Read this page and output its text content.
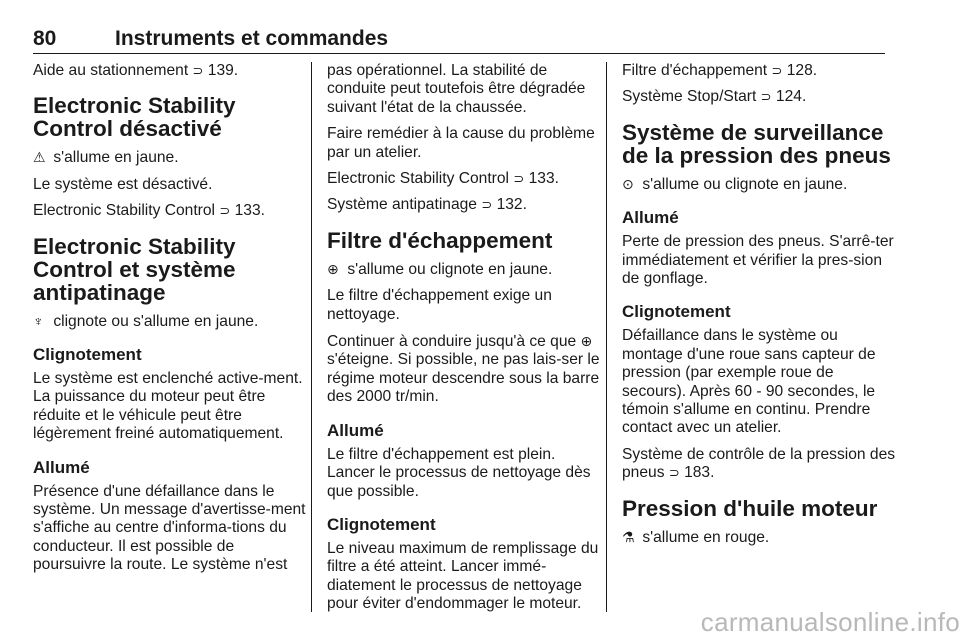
80	Instruments et commandes

Aide au stationnement ⊃ 139.

Electronic Stability Control désactivé

⚠ s'allume en jaune.

Le système est désactivé.

Electronic Stability Control ⊃ 133.

Electronic Stability Control et système antipatinage

♆ clignote ou s'allume en jaune.

Clignotement

Le système est enclenché active-ment. La puissance du moteur peut être réduite et le véhicule peut être légèrement freiné automatiquement.

Allumé

Présence d'une défaillance dans le système. Un message d'avertisse-ment s'affiche au centre d'informa-tions du conducteur. Il est possible de poursuivre la route. Le système n'est

pas opérationnel. La stabilité de conduite peut toutefois être dégradée suivant l'état de la chaussée.

Faire remédier à la cause du problème par un atelier.

Electronic Stability Control ⊃ 133.

Système antipatinage ⊃ 132.

Filtre d'échappement

⊕ s'allume ou clignote en jaune.

Le filtre d'échappement exige un nettoyage.

Continuer à conduire jusqu'à ce que ⊕ s'éteigne. Si possible, ne pas lais-ser le régime moteur descendre sous la barre des 2000 tr/min.

Allumé

Le filtre d'échappement est plein. Lancer le processus de nettoyage dès que possible.

Clignotement

Le niveau maximum de remplissage du filtre a été atteint. Lancer immé-diatement le processus de nettoyage pour éviter d'endommager le moteur.

Filtre d'échappement ⊃ 128.

Système Stop/Start ⊃ 124.

Système de surveillance de la pression des pneus

⊙ s'allume ou clignote en jaune.

Allumé

Perte de pression des pneus. S'arrê-ter immédiatement et vérifier la pres-sion de gonflage.

Clignotement

Défaillance dans le système ou montage d'une roue sans capteur de pression (par exemple roue de secours). Après 60 - 90 secondes, le témoin s'allume en continu. Prendre contact avec un atelier.

Système de contrôle de la pression des pneus ⊃ 183.

Pression d'huile moteur

⚗ s'allume en rouge.

carmanualsonline.info
